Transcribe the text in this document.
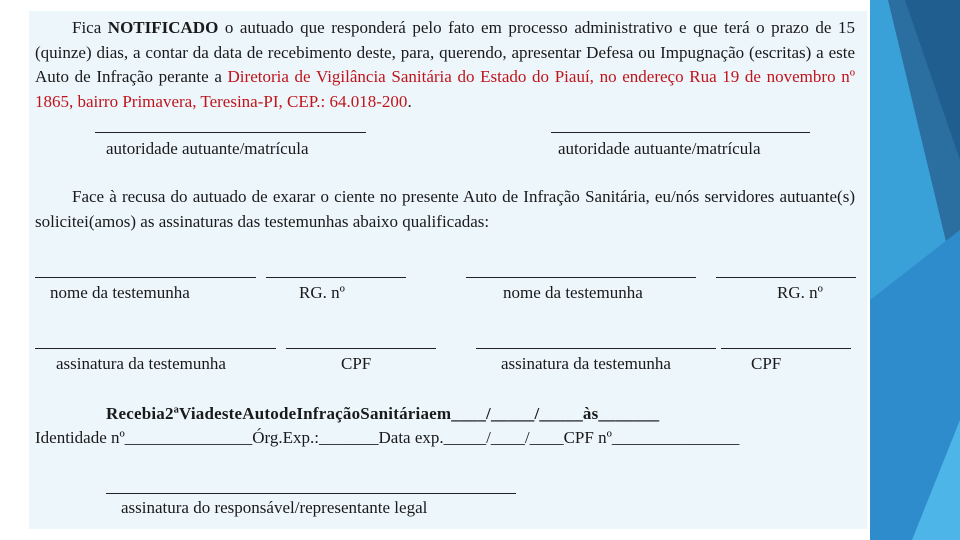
Fica NOTIFICADO o autuado que responderá pelo fato em processo administrativo e que terá o prazo de 15 (quinze) dias, a contar da data de recebimento deste, para, querendo, apresentar Defesa ou Impugnação (escritas) a este Auto de Infração perante a Diretoria de Vigilância Sanitária do Estado do Piauí, no endereço Rua 19 de novembro nº 1865, bairro Primavera, Teresina-PI, CEP.: 64.018-200.
autoridade autuante/matrícula	autoridade autuante/matrícula
Face à recusa do autuado de exarar o ciente no presente Auto de Infração Sanitária, eu/nós servidores autuante(s) solicitei(amos) as assinaturas das testemunhas abaixo qualificadas:
nome da testemunha	RG. nº	nome da testemunha	RG. nº
assinatura da testemunha	CPF	assinatura da testemunha	CPF
Recebia2ªViadesteAutodeInfraçãoSanitáriaem____/_____/_____às_______
Identidade nº_______________Órg.Exp.:_______Data exp._____/____/____CPF nº_______________
assinatura do responsável/representante legal
